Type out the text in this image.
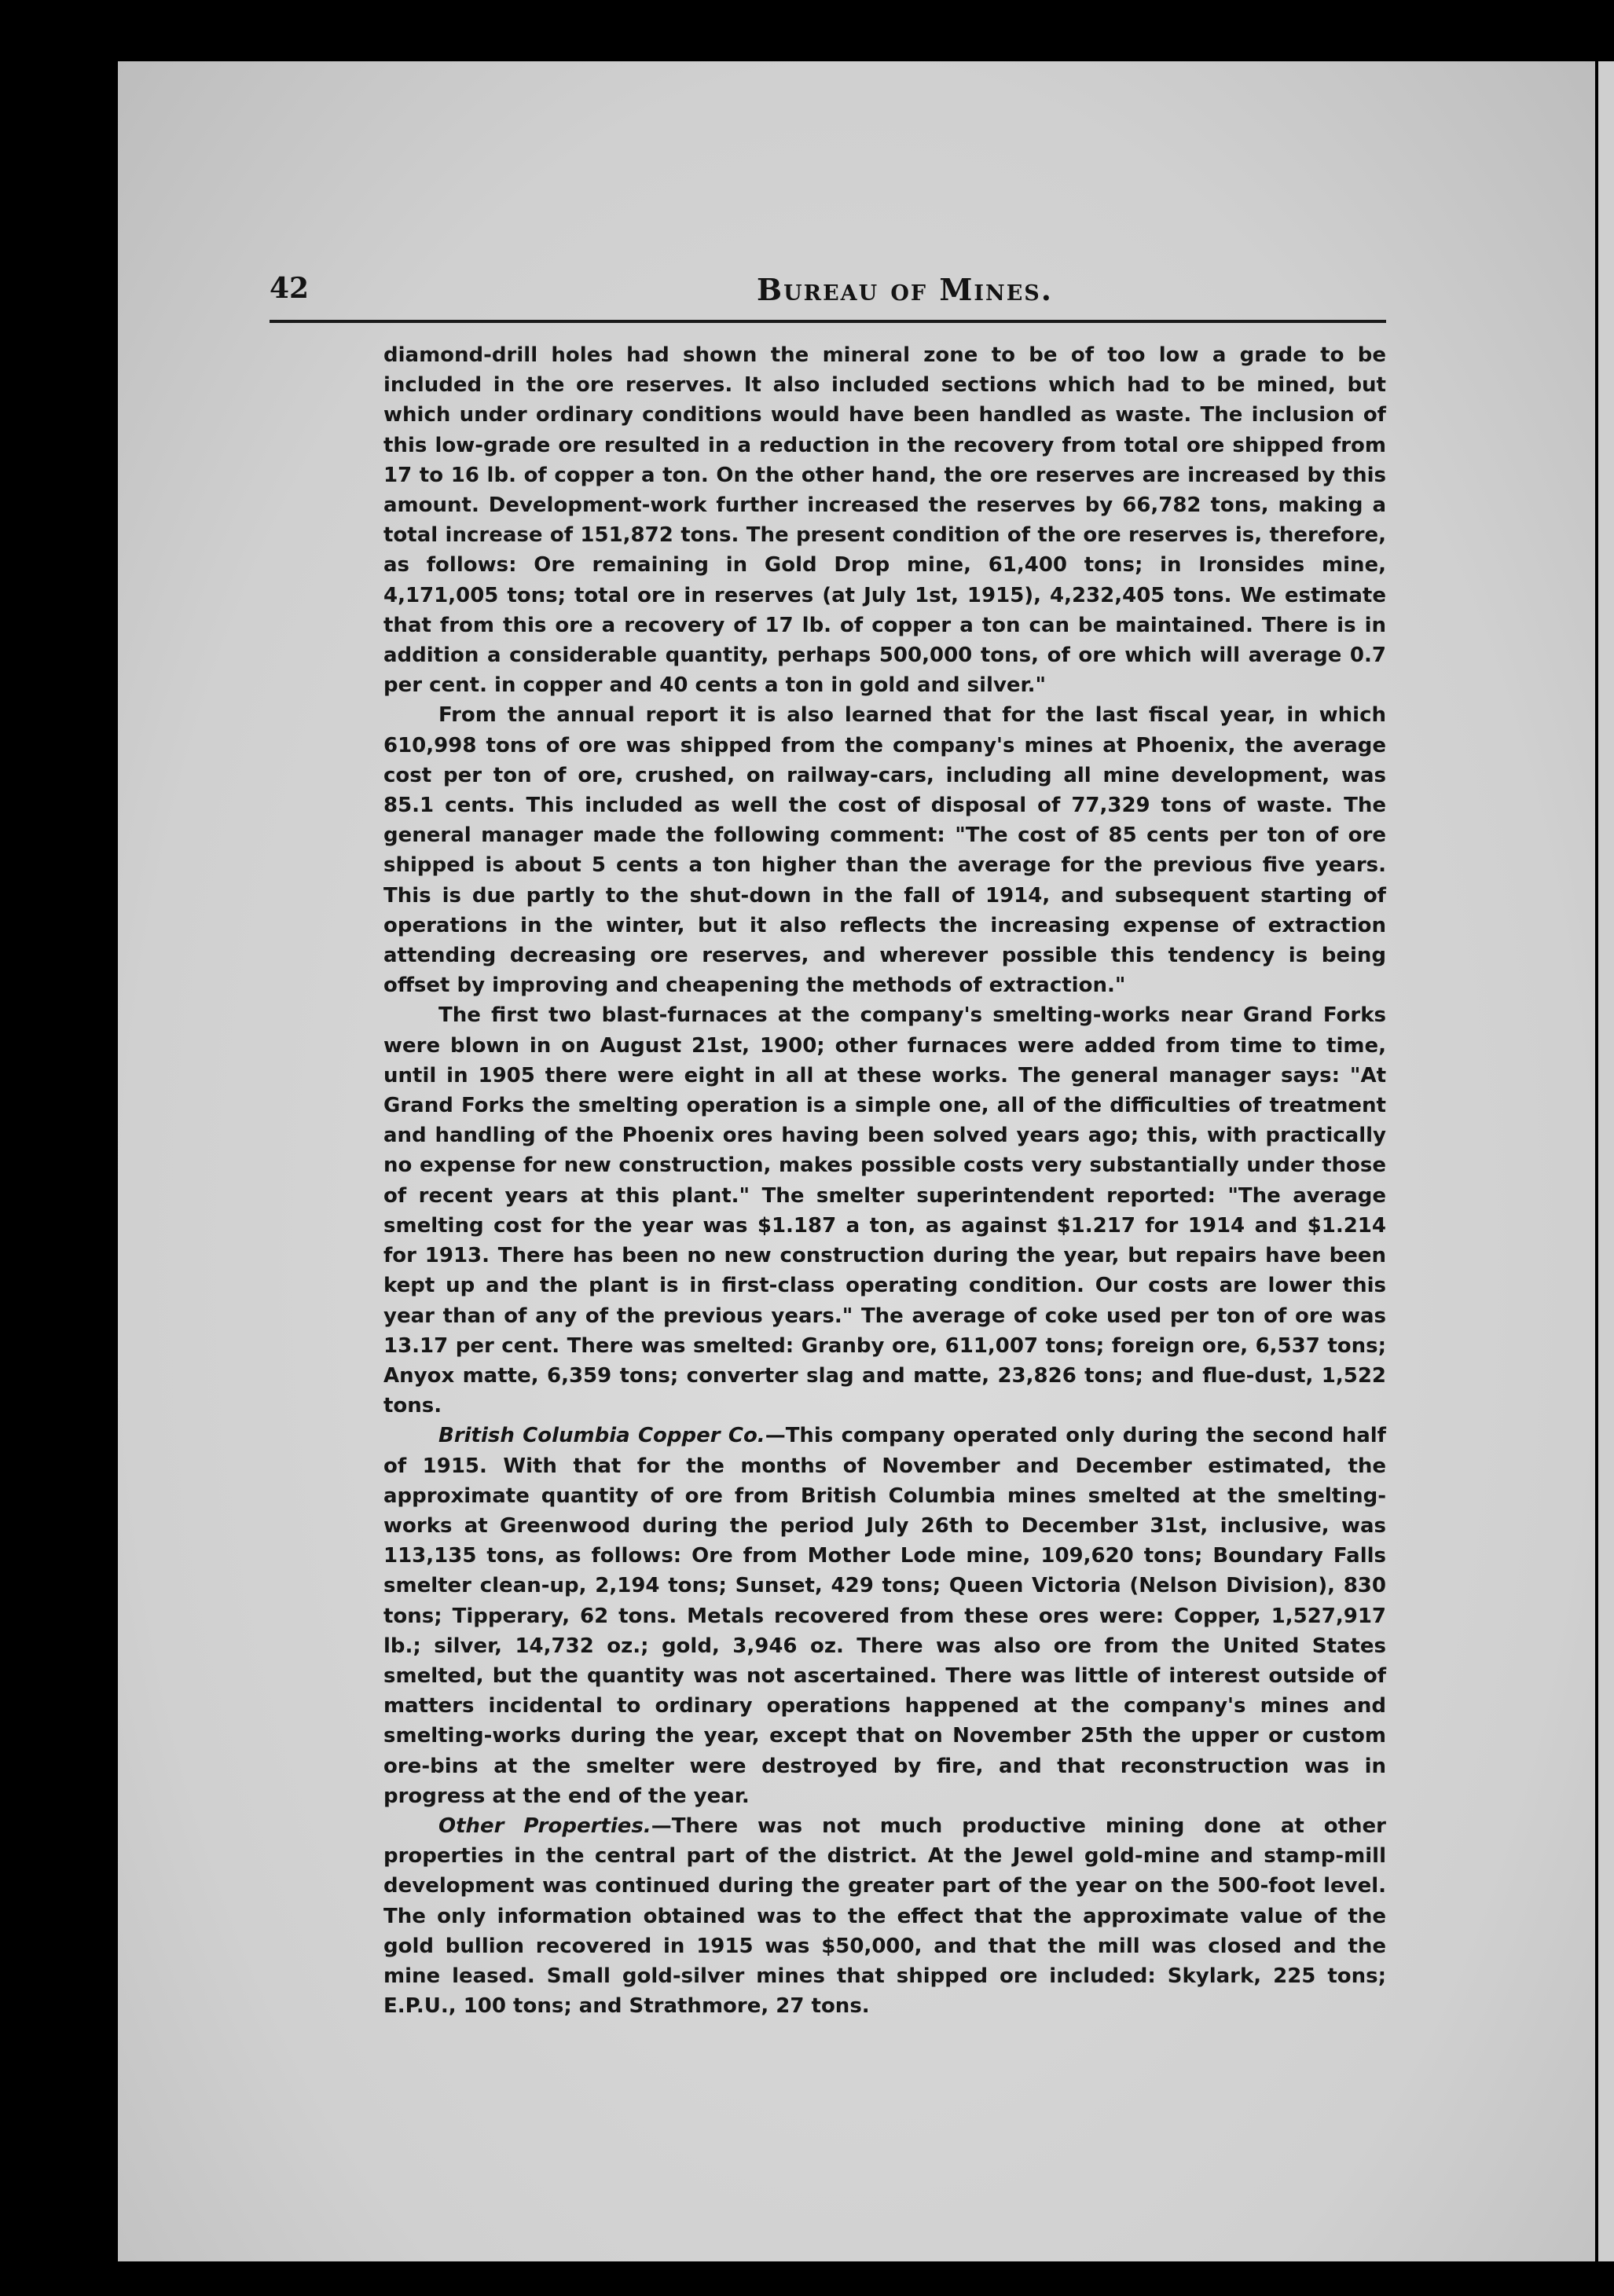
42	Bureau of Mines.

diamond-drill holes had shown the mineral zone to be of too low a grade to be included in the ore reserves. It also included sections which had to be mined, but which under ordinary conditions would have been handled as waste. The inclusion of this low-grade ore resulted in a reduction in the recovery from total ore shipped from 17 to 16 lb. of copper a ton. On the other hand, the ore reserves are increased by this amount. Development-work further increased the reserves by 66,782 tons, making a total increase of 151,872 tons. The present condition of the ore reserves is, therefore, as follows: Ore remaining in Gold Drop mine, 61,400 tons; in Ironsides mine, 4,171,005 tons; total ore in reserves (at July 1st, 1915), 4,232,405 tons. We estimate that from this ore a recovery of 17 lb. of copper a ton can be maintained. There is in addition a considerable quantity, perhaps 500,000 tons, of ore which will average 0.7 per cent. in copper and 40 cents a ton in gold and silver."

From the annual report it is also learned that for the last fiscal year, in which 610,998 tons of ore was shipped from the company's mines at Phoenix, the average cost per ton of ore, crushed, on railway-cars, including all mine development, was 85.1 cents. This included as well the cost of disposal of 77,329 tons of waste. The general manager made the following comment: "The cost of 85 cents per ton of ore shipped is about 5 cents a ton higher than the average for the previous five years. This is due partly to the shut-down in the fall of 1914, and subsequent starting of operations in the winter, but it also reflects the increasing expense of extraction attending decreasing ore reserves, and wherever possible this tendency is being offset by improving and cheapening the methods of extraction."

The first two blast-furnaces at the company's smelting-works near Grand Forks were blown in on August 21st, 1900; other furnaces were added from time to time, until in 1905 there were eight in all at these works. The general manager says: "At Grand Forks the smelting operation is a simple one, all of the difficulties of treatment and handling of the Phoenix ores having been solved years ago; this, with practically no expense for new construction, makes possible costs very substantially under those of recent years at this plant." The smelter superintendent reported: "The average smelting cost for the year was $1.187 a ton, as against $1.217 for 1914 and $1.214 for 1913. There has been no new construction during the year, but repairs have been kept up and the plant is in first-class operating condition. Our costs are lower this year than of any of the previous years." The average of coke used per ton of ore was 13.17 per cent. There was smelted: Granby ore, 611,007 tons; foreign ore, 6,537 tons; Anyox matte, 6,359 tons; converter slag and matte, 23,826 tons; and flue-dust, 1,522 tons.

British Columbia Copper Co.—This company operated only during the second half of 1915. With that for the months of November and December estimated, the approximate quantity of ore from British Columbia mines smelted at the smelting-works at Greenwood during the period July 26th to December 31st, inclusive, was 113,135 tons, as follows: Ore from Mother Lode mine, 109,620 tons; Boundary Falls smelter clean-up, 2,194 tons; Sunset, 429 tons; Queen Victoria (Nelson Division), 830 tons; Tipperary, 62 tons. Metals recovered from these ores were: Copper, 1,527,917 lb.; silver, 14,732 oz.; gold, 3,946 oz. There was also ore from the United States smelted, but the quantity was not ascertained. There was little of interest outside of matters incidental to ordinary operations happened at the company's mines and smelting-works during the year, except that on November 25th the upper or custom ore-bins at the smelter were destroyed by fire, and that reconstruction was in progress at the end of the year.

Other Properties.—There was not much productive mining done at other properties in the central part of the district. At the Jewel gold-mine and stamp-mill development was continued during the greater part of the year on the 500-foot level. The only information obtained was to the effect that the approximate value of the gold bullion recovered in 1915 was $50,000, and that the mill was closed and the mine leased. Small gold-silver mines that shipped ore included: Skylark, 225 tons; E.P.U., 100 tons; and Strathmore, 27 tons.
